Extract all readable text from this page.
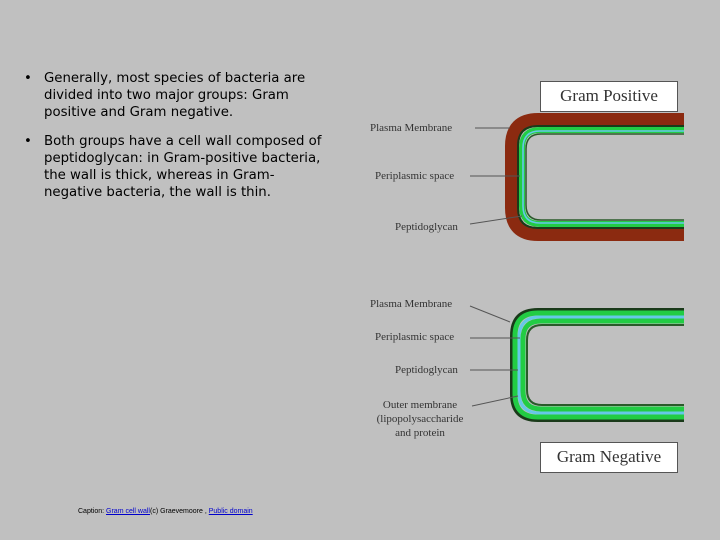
• Generally, most species of bacteria are divided into two major groups: Gram positive and Gram negative.
• Both groups have a cell wall composed of peptidoglycan: in Gram-positive bacteria, the wall is thick, whereas in Gram-negative bacteria, the wall is thin.
Gram Positive
Plasma Membrane
Periplasmic space
Peptidoglycan
Plasma Membrane
Periplasmic space
Peptidoglycan
Outer membrane
(lipopolysaccharide
and protein
Gram Negative
Caption: Gram cell wall(c) Graevemoore , Public domain
